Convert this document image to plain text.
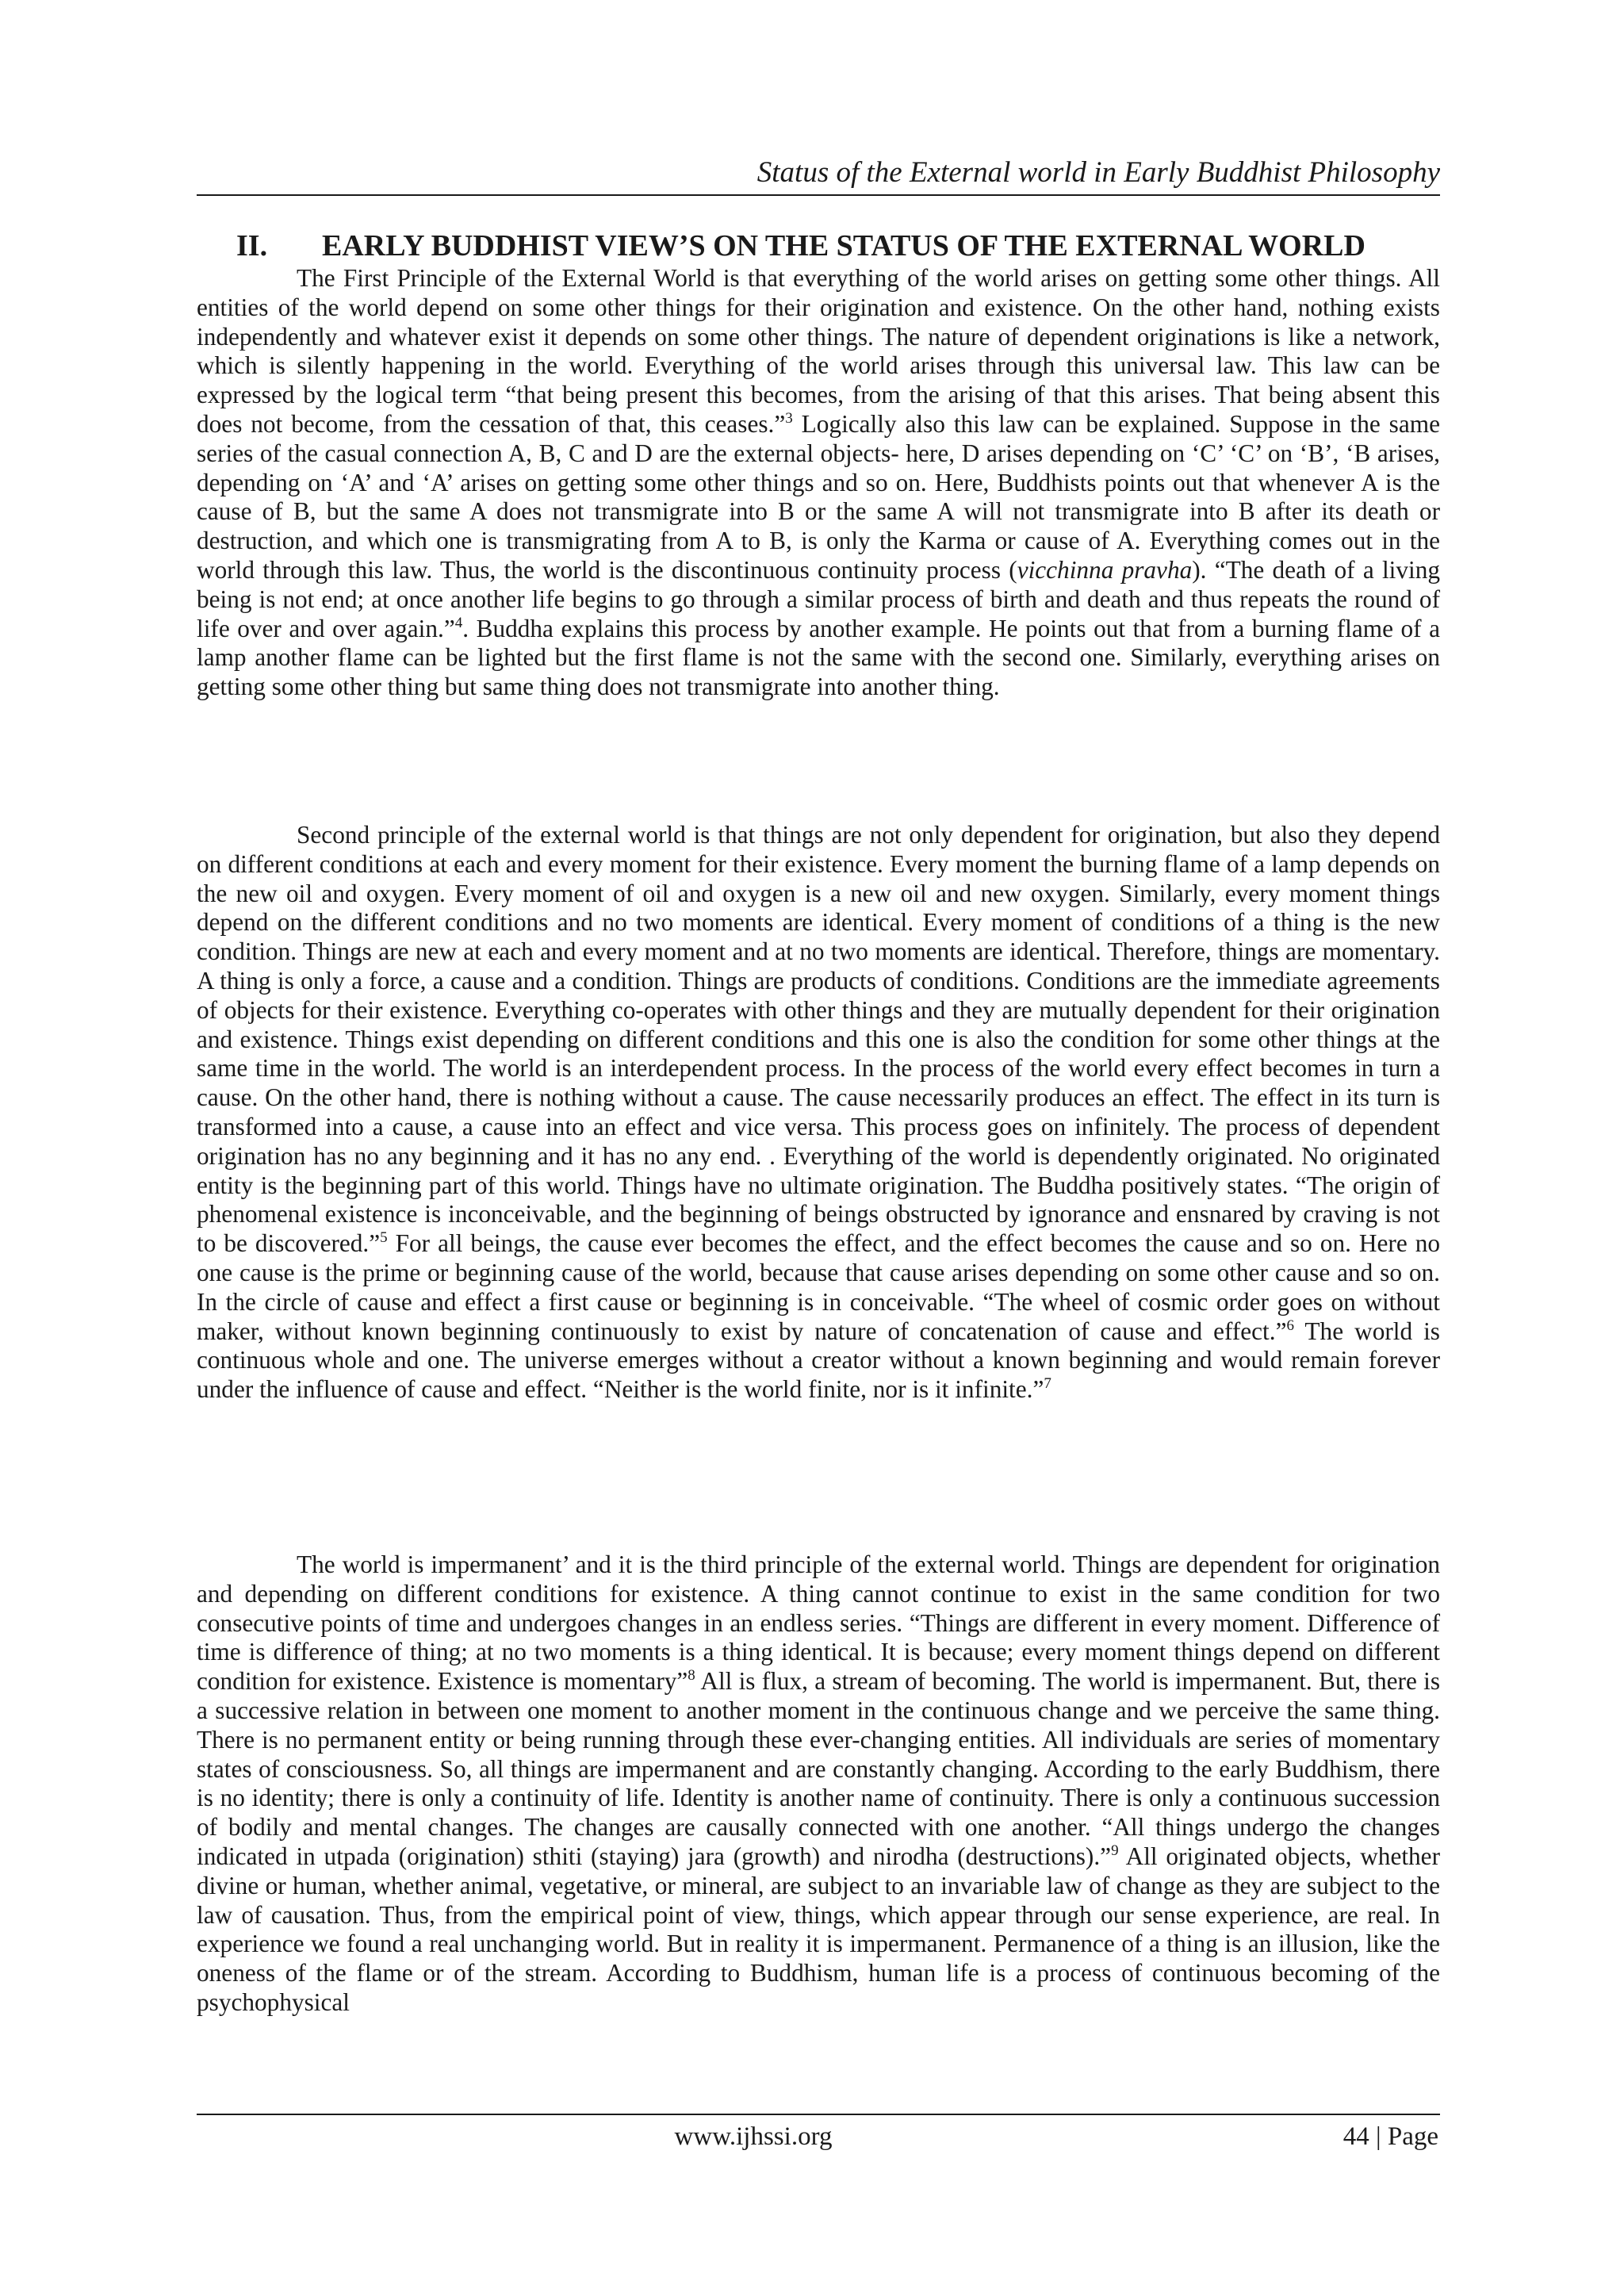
Status of the External world in Early Buddhist Philosophy
II. EARLY BUDDHIST VIEW’S ON THE STATUS OF THE EXTERNAL WORLD

The First Principle of the External World is that everything of the world arises on getting some other things. All entities of the world depend on some other things for their origination and existence. On the other hand, nothing exists independently and whatever exist it depends on some other things. The nature of dependent originations is like a network, which is silently happening in the world. Everything of the world arises through this universal law. This law can be expressed by the logical term “that being present this becomes, from the arising of that this arises. That being absent this does not become, from the cessation of that, this ceases.”$^3$ Logically also this law can be explained. Suppose in the same series of the casual connection A, B, C and D are the external objects- here, D arises depending on ‘C’ ‘C’ on ‘B’, ‘B arises, depending on ‘A’ and ‘A’ arises on getting some other things and so on. Here, Buddhists points out that whenever A is the cause of B, but the same A does not transmigrate into B or the same A will not transmigrate into B after its death or destruction, and which one is transmigrating from A to B, is only the Karma or cause of A. Everything comes out in the world through this law. Thus, the world is the discontinuous continuity process (vicchinna pravha). “The death of a living being is not end; at once another life begins to go through a similar process of birth and death and thus repeats the round of life over and over again.”$^4$. Buddha explains this process by another example. He points out that from a burning flame of a lamp another flame can be lighted but the first flame is not the same with the second one. Similarly, everything arises on getting some other thing but same thing does not transmigrate into another thing.

Second principle of the external world is that things are not only dependent for origination, but also they depend on different conditions at each and every moment for their existence. Every moment the burning flame of a lamp depends on the new oil and oxygen. Every moment of oil and oxygen is a new oil and new oxygen. Similarly, every moment things depend on the different conditions and no two moments are identical. Every moment of conditions of a thing is the new condition. Things are new at each and every moment and at no two moments are identical. Therefore, things are momentary. A thing is only a force, a cause and a condition. Things are products of conditions. Conditions are the immediate agreements of objects for their existence. Everything co-operates with other things and they are mutually dependent for their origination and existence. Things exist depending on different conditions and this one is also the condition for some other things at the same time in the world. The world is an interdependent process. In the process of the world every effect becomes in turn a cause. On the other hand, there is nothing without a cause. The cause necessarily produces an effect. The effect in its turn is transformed into a cause, a cause into an effect and vice versa. This process goes on infinitely. The process of dependent origination has no any beginning and it has no any end. . Everything of the world is dependently originated. No originated entity is the beginning part of this world. Things have no ultimate origination. The Buddha positively states. “The origin of phenomenal existence is inconceivable, and the beginning of beings obstructed by ignorance and ensnared by craving is not to be discovered.”$^5$ For all beings, the cause ever becomes the effect, and the effect becomes the cause and so on. Here no one cause is the prime or beginning cause of the world, because that cause arises depending on some other cause and so on. In the circle of cause and effect a first cause or beginning is in conceivable. “The wheel of cosmic order goes on without maker, without known beginning continuously to exist by nature of concatenation of cause and effect.”$^6$ The world is continuous whole and one. The universe emerges without a creator without a known beginning and would remain forever under the influence of cause and effect. “Neither is the world finite, nor is it infinite.”$^7$

The world is impermanent’ and it is the third principle of the external world. Things are dependent for origination and depending on different conditions for existence. A thing cannot continue to exist in the same condition for two consecutive points of time and undergoes changes in an endless series. “Things are different in every moment. Difference of time is difference of thing; at no two moments is a thing identical. It is because; every moment things depend on different condition for existence. Existence is momentary”$^8$ All is flux, a stream of becoming. The world is impermanent. But, there is a successive relation in between one moment to another moment in the continuous change and we perceive the same thing. There is no permanent entity or being running through these ever-changing entities. All individuals are series of momentary states of consciousness. So, all things are impermanent and are constantly changing. According to the early Buddhism, there is no identity; there is only a continuity of life. Identity is another name of continuity. There is only a continuous succession of bodily and mental changes. The changes are causally connected with one another. “All things undergo the changes indicated in utpada (origination) sthiti (staying) jara (growth) and nirodha (destructions).”$^9$ All originated objects, whether divine or human, whether animal, vegetative, or mineral, are subject to an invariable law of change as they are subject to the law of causation. Thus, from the empirical point of view, things, which appear through our sense experience, are real. In experience we found a real unchanging world. But in reality it is impermanent. Permanence of a thing is an illusion, like the oneness of the flame or of the stream. According to Buddhism, human life is a process of continuous becoming of the psychophysical

www.ijhssi.org	44 | Page
